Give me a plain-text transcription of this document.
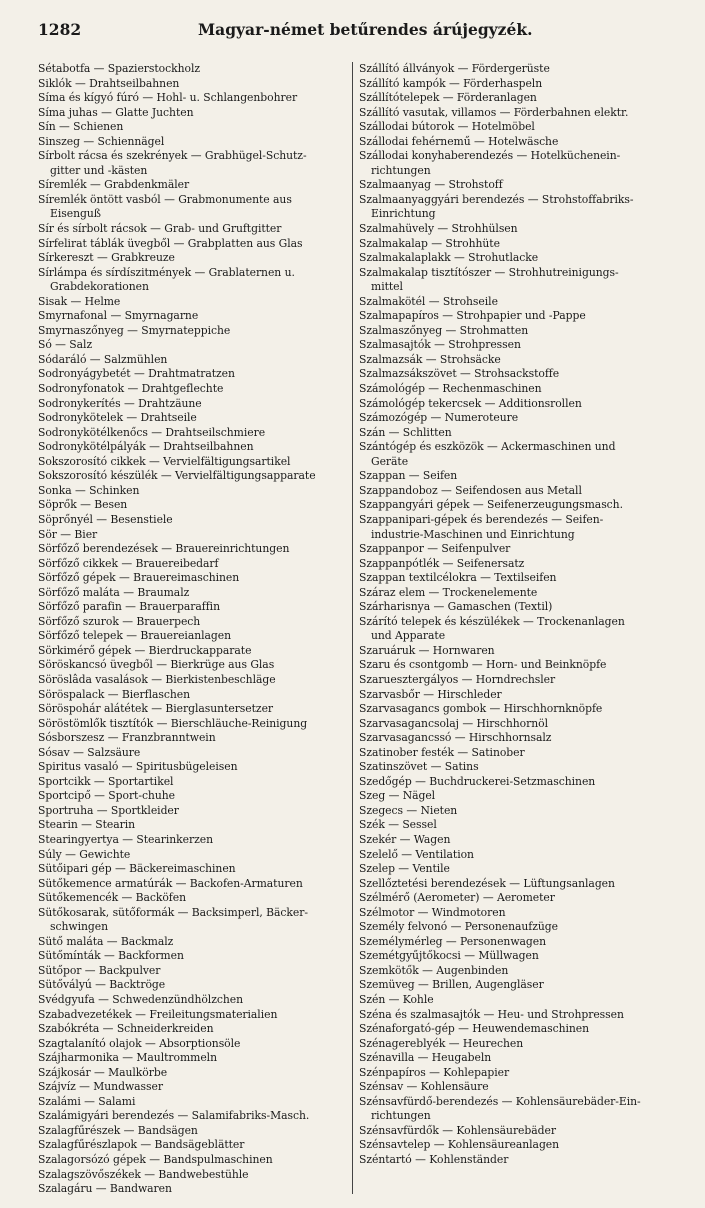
1282	Magyar-német betűrendes árújegyzék.
Sétabotfa — Spazierstockholz
Siklók — Drahtseilbahnen
Síma és kígyó fúró — Hohl- u. Schlangenbohrer
Síma juhas — Glatte Juchten
Sín — Schienen
Sinszeg — Schiennägel
Sírbolt rácsa és szekrények — Grabhügel-Schutz-
gitter und -kästen
Síremlék — Grabdenkmäler
Síremlék öntött vasból — Grabmonumente aus
Eisenguß
Sír és sírbolt rácsok — Grab- und Gruftgitter
Sírfelirat táblák üvegből — Grabplatten aus Glas
Sírkereszt — Grabkreuze
Sírlámpa és sírdíszitmények — Grablaternen u.
Grabdekorationen
Sisak — Helme
Smyrnafonal — Smyrnagarne
Smyrnaszőnyeg — Smyrnateppiche
Só — Salz
Sódaráló — Salzmühlen
Sodronyágybetét — Drahtmatratzen
Sodronyfonatok — Drahtgeflechte
Sodronykerítés — Drahtzäune
Sodronykötelek — Drahtseile
Sodronykötélkenőcs — Drahtseilschmiere
Sodronykötélpályák — Drahtseilbahnen
Sokszorosító cikkek — Vervielfältigungsartikel
Sokszorosító készülék — Vervielfältigungsapparate
Sonka — Schinken
Söprők — Besen
Söprőnyél — Besenstiele
Sör — Bier
Sörfőző berendezések — Brauereinrichtungen
Sörfőző cikkek — Brauereibedarf
Sörfőző gépek — Brauereimaschinen
Sörfőző maláta — Braumalz
Sörfőző parafin — Brauerparaffin
Sörfőző szurok — Brauerpech
Sörfőző telepek — Brauereianlagen
Sörkimérő gépek — Bierdruckapparate
Söröskancsó üvegből — Bierkrüge aus Glas
Söröslâda vasalások — Bierkistenbeschläge
Söröspalack — Bierflaschen
Söröspohár alátétek — Bierglasuntersetzer
Söröstömlők tisztítók — Bierschläuche-Reinigung
Sósborszesz — Franzbranntwein
Sósav — Salzsäure
Spiritus vasaló — Spiritusbügeleisen
Sportcikk — Sportartikel
Sportcipő — Sport-chuhe
Sportruha — Sportkleider
Stearin — Stearin
Stearingyertya — Stearinkerzen
Súly — Gewichte
Sütőipari gép — Bäckereimaschinen
Sütőkemence armatúrák — Backofen-Armaturen
Sütőkemencék — Backöfen
Sütőkosarak, sütőformák — Backsimperl, Bäcker-
schwingen
Sütő maláta — Backmalz
Sütőmínták — Backformen
Sütőpor — Backpulver
Sütővályú — Backtröge
Svédgyufa — Schwedenzündhölzchen
Szabadvezetékek — Freileitungsmaterialien
Szabókréta — Schneiderkreiden
Szagtalanító olajok — Absorptionsöle
Szájharmonika — Maultrommeln
Szájkosár — Maulkörbe
Szájvíz — Mundwasser
Szalámi — Salami
Szalámigyári berendezés — Salamifabriks-Masch.
Szalagfűrészek — Bandsägen
Szalagfűrészlapok — Bandsägeblätter
Szalagorsózó gépek — Bandspulmaschinen
Szalagszövőszékek — Bandwebestühle
Szalagáru — Bandwaren
Szállító állványok — Fördergerüste
Szállító kampók — Förderhaspeln
Szállítótelepek — Förderanlagen
Szállító vasutak, villamos — Förderbahnen elektr.
Szállodai bútorok — Hotelmöbel
Szállodai fehérnemű — Hotelwäsche
Szállodai konyhaberendezés — Hotelküchenein-
richtungen
Szalmaanyag — Strohstoff
Szalmaanyaggyári berendezés — Strohstoffabriks-
Einrichtung
Szalmahüvely — Strohhülsen
Szalmakalap — Strohhüte
Szalmakalaplakk — Strohutlacke
Szalmakalap tisztítószer — Strohhutreinigungs-
mittel
Szalmakötél — Strohseile
Szalmapapíros — Strohpapier und -Pappe
Szalmaszőnyeg — Strohmatten
Szalmasajtók — Strohpressen
Szalmazsák — Strohsäcke
Szalmazsákszövet — Strohsackstoffe
Számológép — Rechenmaschinen
Számológép tekercsek — Additionsrollen
Számozógép — Numeroteure
Szán — Schlitten
Szántógép és eszközök — Ackermaschinen und
Geräte
Szappan — Seifen
Szappandoboz — Seifendosen aus Metall
Szappangyári gépek — Seifenerzeugungsmasch.
Szappanipari-gépek és berendezés — Seifen-
industrie-Maschinen und Einrichtung
Szappanpor — Seifenpulver
Szappanpótlék — Seifenersatz
Szappan textilcélokra — Textilseifen
Száraz elem — Trockenelemente
Szárharisnya — Gamaschen (Textil)
Szárító telepek és készülékek — Trockenanlagen
und Apparate
Szaruáruk — Hornwaren
Szaru és csontgomb — Horn- und Beinknöpfe
Szaruesztergályos — Horndrechsler
Szarvasbőr — Hirschleder
Szarvasagancs gombok — Hirschhornknöpfe
Szarvasagancsolaj — Hirschhornöl
Szarvasagancssó — Hirschhornsalz
Szatinober festék — Satinober
Szatinszövet — Satins
Szedőgép — Buchdruckerei-Setzmaschinen
Szeg — Nägel
Szegecs — Nieten
Szék — Sessel
Szekér — Wagen
Szelelő — Ventilation
Szelep — Ventile
Szellőztetési berendezések — Lüftungsanlagen
Szélmérő (Aerometer) — Aerometer
Szélmotor — Windmotoren
Személy felvonó — Personenaufzüge
Személymérleg — Personenwagen
Szemétgyűjtőkocsi — Müllwagen
Szemkötők — Augenbinden
Szemüveg — Brillen, Augengläser
Szén — Kohle
Széna és szalmasajtók — Heu- und Strohpressen
Szénaforgató-gép — Heuwendemaschinen
Szénagereblyék — Heurechen
Szénavilla — Heugabeln
Szénpapíros — Kohlepapier
Szénsav — Kohlensäure
Szénsavfürdő-berendezés — Kohlensäurebäder-Ein-
richtungen
Szénsavfürdők — Kohlensäurebäder
Szénsavtelep — Kohlensäureanlagen
Széntartó — Kohlenständer
